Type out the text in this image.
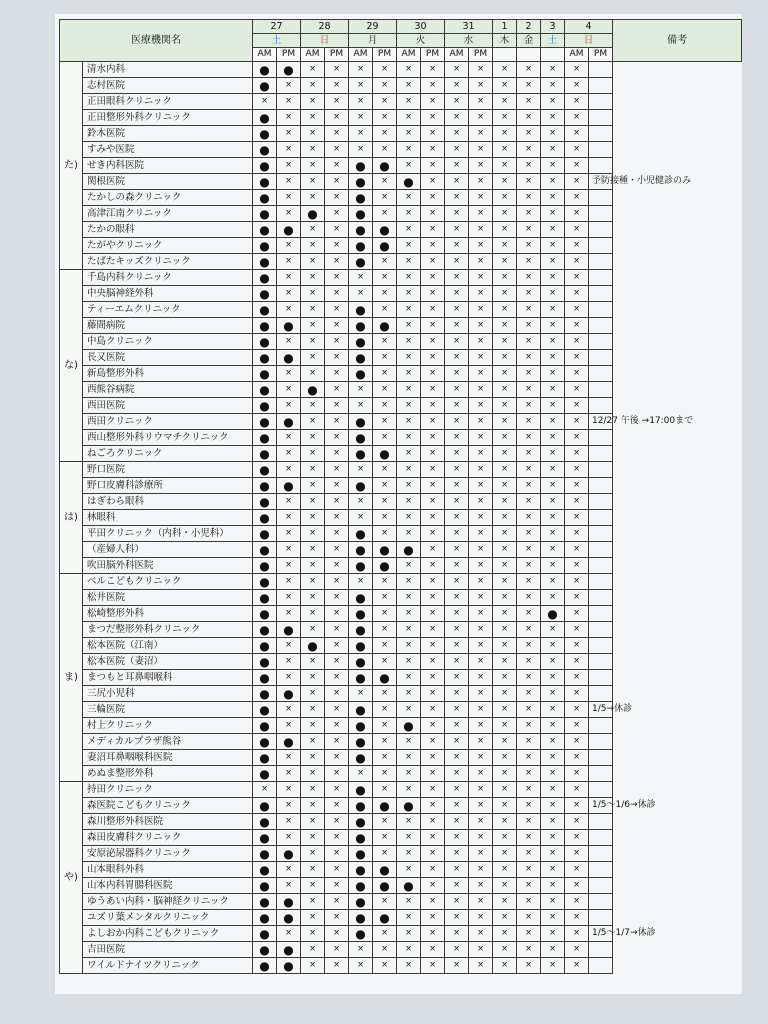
医療機関名		27		28		29		30		31		1	2	3	4		備考
		土		日		月		火		水		木	金	土	日		
		AM	PM	AM	PM	AM	PM	AM	PM	AM	PM				AM	PM	
た)	清水内科	●	●	×	×	×	×	×	×	×	×	×	×	×	×		
	志村医院	●	×	×	×	×	×	×	×	×	×	×	×	×	×		
	正田眼科クリニック	×	×	×	×	×	×	×	×	×	×	×	×	×	×		
	正田整形外科クリニック	●	×	×	×	×	×	×	×	×	×	×	×	×	×		
	鈴木医院	●	×	×	×	×	×	×	×	×	×	×	×	×	×		
	すみや医院	●	×	×	×	×	×	×	×	×	×	×	×	×	×		
	せき内科医院	●	×	×	×	●	●	×	×	×	×	×	×	×	×		
	関根医院	●	×	×	×	●	×	●	×	×	×	×	×	×	×	予防接種・小児健診のみ	
	たかしの森クリニック	●	×	×	×	●	×	×	×	×	×	×	×	×	×		
	高津江南クリニック	●	×	●	×	●	×	×	×	×	×	×	×	×	×		
	たかの眼科	●	●	×	×	●	●	×	×	×	×	×	×	×	×		
	たがやクリニック	●	×	×	×	●	●	×	×	×	×	×	×	×	×		
	たばたキッズクリニック	●	×	×	×	●	×	×	×	×	×	×	×	×	×		
な)	千島内科クリニック	●	×	×	×	×	×	×	×	×	×	×	×	×	×		
	中央脳神経外科	●	×	×	×	×	×	×	×	×	×	×	×	×	×		
	ティーエムクリニック	●	×	×	×	●	×	×	×	×	×	×	×	×	×		
	藤間病院	●	●	×	×	●	●	×	×	×	×	×	×	×	×		
	中島クリニック	●	×	×	×	●	×	×	×	×	×	×	×	×	×		
	長又医院	●	●	×	×	●	×	×	×	×	×	×	×	×	×		
	新島整形外科	●	×	×	×	●	×	×	×	×	×	×	×	×	×		
	西熊谷病院	●	×	●	×	×	×	×	×	×	×	×	×	×	×		
	西田医院	●	×	×	×	×	×	×	×	×	×	×	×	×	×		
	西田クリニック	●	●	×	×	●	×	×	×	×	×	×	×	×	×	12/27 午後 →17:00まで	
	西山整形外科リウマチクリニック	●	×	×	×	●	×	×	×	×	×	×	×	×	×		
	ねごろクリニック	●	×	×	×	●	●	×	×	×	×	×	×	×	×		
は)	野口医院	●	×	×	×	×	×	×	×	×	×	×	×	×	×		
	野口皮膚科診療所	●	●	×	×	●	×	×	×	×	×	×	×	×	×		
	はぎわら眼科	●	×	×	×	×	×	×	×	×	×	×	×	×	×		
	林眼科	●	×	×	×	×	×	×	×	×	×	×	×	×	×		
	平田クリニック（内科・小児科）	●	×	×	×	●	×	×	×	×	×	×	×	×	×		
	（産婦人科）	●	×	×	×	●	●	●	×	×	×	×	×	×	×		
	吹田脳外科医院	●	×	×	×	●	●	×	×	×	×	×	×	×	×		
ま)	ベルこどもクリニック	●	×	×	×	×	×	×	×	×	×	×	×	×	×		
	松井医院	●	×	×	×	●	×	×	×	×	×	×	×	×	×		
	松崎整形外科	●	×	×	×	●	×	×	×	×	×	×	×	●	×		
	まつだ整形外科クリニック	●	●	×	×	●	×	×	×	×	×	×	×	×	×		
	松本医院（江南）	●	×	●	×	●	×	×	×	×	×	×	×	×	×		
	松本医院（妻沼）	●	×	×	×	●	×	×	×	×	×	×	×	×	×		
	まつもと耳鼻咽喉科	●	×	×	×	●	●	×	×	×	×	×	×	×	×		
	三尻小児科	●	●	×	×	×	×	×	×	×	×	×	×	×	×		
	三輪医院	●	×	×	×	●	×	×	×	×	×	×	×	×	×	1/5→休診	
	村上クリニック	●	×	×	×	●	×	●	×	×	×	×	×	×	×		
	メディカルプラザ熊谷	●	●	×	×	●	×	×	×	×	×	×	×	×	×		
	妻沼耳鼻咽喉科医院	●	×	×	×	●	×	×	×	×	×	×	×	×	×		
	めぬま整形外科	●	×	×	×	×	×	×	×	×	×	×	×	×	×		
や)	持田クリニック	×	×	×	×	●	×	×	×	×	×	×	×	×	×		
	森医院こどもクリニック	●	×	×	×	●	●	●	×	×	×	×	×	×	×	1/5～1/6→休診	
	森川整形外科医院	●	×	×	×	●	×	×	×	×	×	×	×	×	×		
	森田皮膚科クリニック	●	×	×	×	●	×	×	×	×	×	×	×	×	×		
	安原泌尿器科クリニック	●	●	×	×	●	×	×	×	×	×	×	×	×	×		
	山本眼科外科	●	×	×	×	●	●	×	×	×	×	×	×	×	×		
	山本内科胃腸科医院	●	×	×	×	●	●	●	×	×	×	×	×	×	×		
	ゆうあい内科・脳神経クリニック	●	●	×	×	●	×	×	×	×	×	×	×	×	×		
	ユズリ葉メンタルクリニック	●	●	×	×	●	●	×	×	×	×	×	×	×	×		
	よしおか内科こどもクリニック	●	×	×	×	●	×	×	×	×	×	×	×	×	×	1/5～1/7→休診	
	吉田医院	●	●	×	×	×	×	×	×	×	×	×	×	×	×		
	ワイルドナイツクリニック	●	●	×	×	×	×	×	×	×	×	×	×	×	×		
